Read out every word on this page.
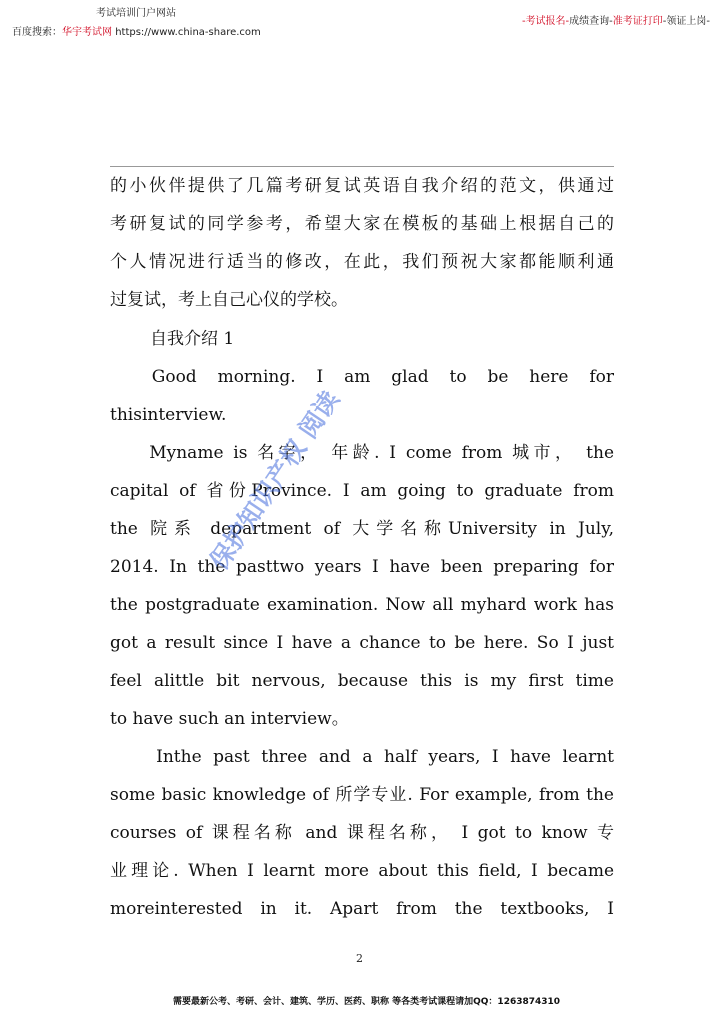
考试培训门户网站
百度搜索：华宇考试网 https://www.china-share.com
-考试报名-成绩查询-准考证打印-领证上岗-
的小伙伴提供了几篇考研复试英语自我介绍的范文，供通过
考研复试的同学参考，希望大家在模板的基础上根据自己的
个人情况进行适当的修改，在此，我们预祝大家都能顺利通
过复试，考上自己心仪的学校。
自我介绍 1
Good morning. I am glad to be here for
thisinterview.
Myname is 名字， 年龄. I come from 城市， the
capital of 省份Province. I am going to graduate from
the 院系 department of 大学名称University in July,
2014. In the pasttwo years I have been preparing for
the postgraduate examination. Now all myhard work has
got a result since I have a chance to be here. So I just
feel alittle bit nervous, because this is my first time
to have such an interview。
Inthe past three and a half years, I have learnt
some basic knowledge of 所学专业. For example, from the
courses of 课程名称 and 课程名称， I got to know 专
业理论. When I learnt more about this field, I became
moreinterested in it. Apart from the textbooks, I
保护知识产权 阅读
2
需要最新公考、考研、会计、建筑、学历、医药、职称 等各类考试课程请加QQ：1263874310
